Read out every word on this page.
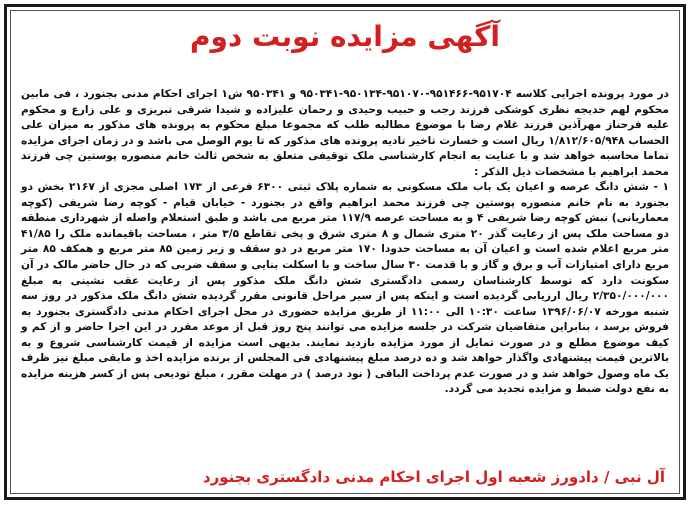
آگهی مزایده نوبت دوم

در مورد پرونده اجرایی کلاسه ۹۵۱۷۰۴-۹۵۱۴۶۶-۹۵۱۰۷۰-۹۵۰۱۳۴-۹۵۰۳۴۱ و ۹۵۰۳۴۱ ش۱ اجرای احکام مدنی بجنورد ، فی مابین محکوم لهم خدیجه نظری کوشکی فرزند رجب و حبیب وحیدی و رحمان علیزاده و شیدا شرقی تبریزی و علی زارع و محکوم علیه فرحناز مهرآذین فرزند غلام رضا با موضوع مطالبه طلب که مجموعا مبلغ محکوم به پرونده های مذکور به میزان علی الحساب ۱/۸۱۲/۶۰۵/۹۴۸ ریال است و خسارت تاخیر تادیه پرونده های مذکور که تا یوم الوصل می باشد و در زمان اجرای مزایده تماما محاسبه خواهد شد و با عنایت به انجام کارشناسی ملک توقیفی متعلق به شخص ثالث خانم منصوره پوستین چی فرزند محمد ابراهیم با مشخصات ذیل الذکر :

۱ - شش دانگ عرصه و اعیان یک باب ملک مسکونی به شماره پلاک ثبتی ۶۳۰۰ فرعی از ۱۷۳ اصلی مجزی از ۲۱۶۷ بخش دو بجنورد به نام خانم منصوره پوستین چی فرزند محمد ابراهیم واقع در بجنورد - خیابان قیام - کوچه رضا شریفی (کوچه معماریانی) نبش کوچه رضا شریفی ۴ و به مساحت عرصه ۱۱۷/۹ متر مربع می باشد و طبق استعلام واصله از شهرداری منطقه دو مساحت ملک پس از رعایت گذر ۲۰ متری شمال و ۸ متری شرق و پخی تقاطع ۳/۵ متر ، مساحت باقیمانده ملک را ۴۱/۸۵ متر مربع اعلام شده است و اعیان آن به مساحت حدودا ۱۷۰ متر مربع در دو سقف و زیر زمین ۸۵ متر مربع و همکف ۸۵ متر مربع دارای امتیازات آب و برق و گاز و با قدمت ۳۰ سال ساخت و با اسکلت بنایی و سقف ضربی که در حال حاضر مالک در آن سکونت دارد که توسط کارشناسان رسمی دادگستری شش دانگ ملک مذکور پس از رعایت عقب نشینی به مبلغ ۲/۳۵۰/۰۰۰/۰۰۰ ریال ارزیابی گردیده است و اینکه پس از سیر مراحل قانونی مقرر گردیده شش دانگ ملک مذکور در روز سه شنبه مورخه ۱۳۹۶/۰۶/۰۷ ساعت ۱۰:۳۰ الی ۱۱:۰۰ از طریق مزایده حضوری در محل اجرای احکام مدنی دادگستری بجنورد به فروش برسد ، بنابراین متقاضیان شرکت در جلسه مزایده می توانند پنج روز قبل از موعد مقرر در این اجرا حاضر و از کم و کیف موضوع مطلع و در صورت تمایل از مورد مزایده بازدید نمایند. بدیهی است مزایده از قیمت کارشناسی شروع و به بالاترین قیمت پیشنهادی واگذار خواهد شد و ده درصد مبلغ پیشنهادی فی المجلس از برنده مزایده اخذ و مابقی مبلغ نیز ظرف یک ماه وصول خواهد شد و در صورت عدم پرداخت الباقی ( نود درصد ) در مهلت مقرر ، مبلغ تودیعی پس از کسر هزینه مزایده به نفع دولت ضبط و مزایده تجدید می گردد.

آل نبی / دادورز شعبه اول اجرای احکام مدنی دادگستری بجنورد
